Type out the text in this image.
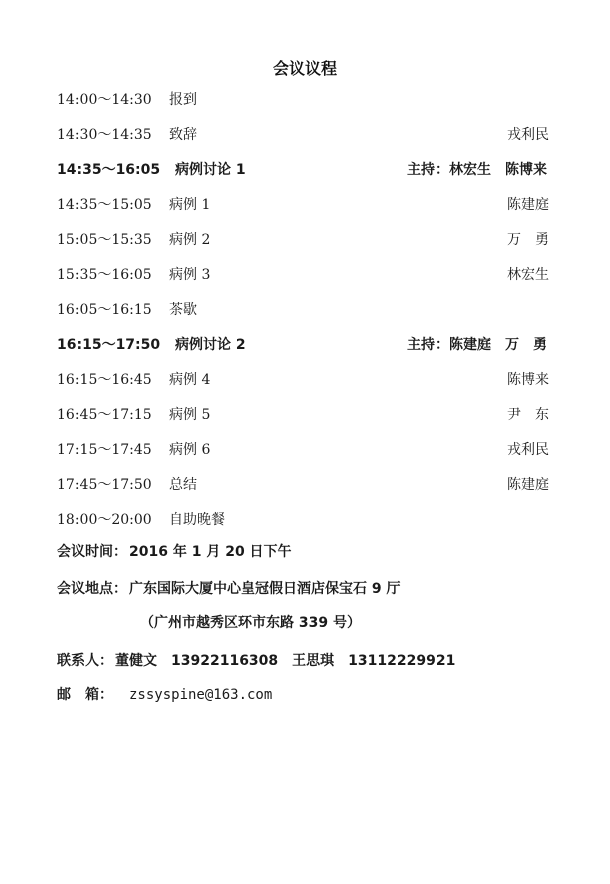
会议议程
14:00～14:30 报到
14:30～14:35 致辞	戎利民
14:35～16:05 病例讨论 1	主持：林宏生　陈博来
14:35～15:05 病例 1	陈建庭
15:05～15:35 病例 2	万　勇
15:35～16:05 病例 3	林宏生
16:05～16:15 茶歇
16:15～17:50 病例讨论 2	主持：陈建庭　万　勇
16:15～16:45 病例 4	陈博来
16:45～17:15 病例 5	尹　东
17:15～17:45 病例 6	戎利民
17:45～17:50 总结	陈建庭
18:00～20:00 自助晚餐
会议时间： 2016 年 1 月 20 日下午
会议地点： 广东国际大厦中心皇冠假日酒店保宝石 9 厅
（广州市越秀区环市东路 339 号）
联系人： 董健文　13922116308　王思琪　13112229921
邮　箱： zssyspine@163.com
